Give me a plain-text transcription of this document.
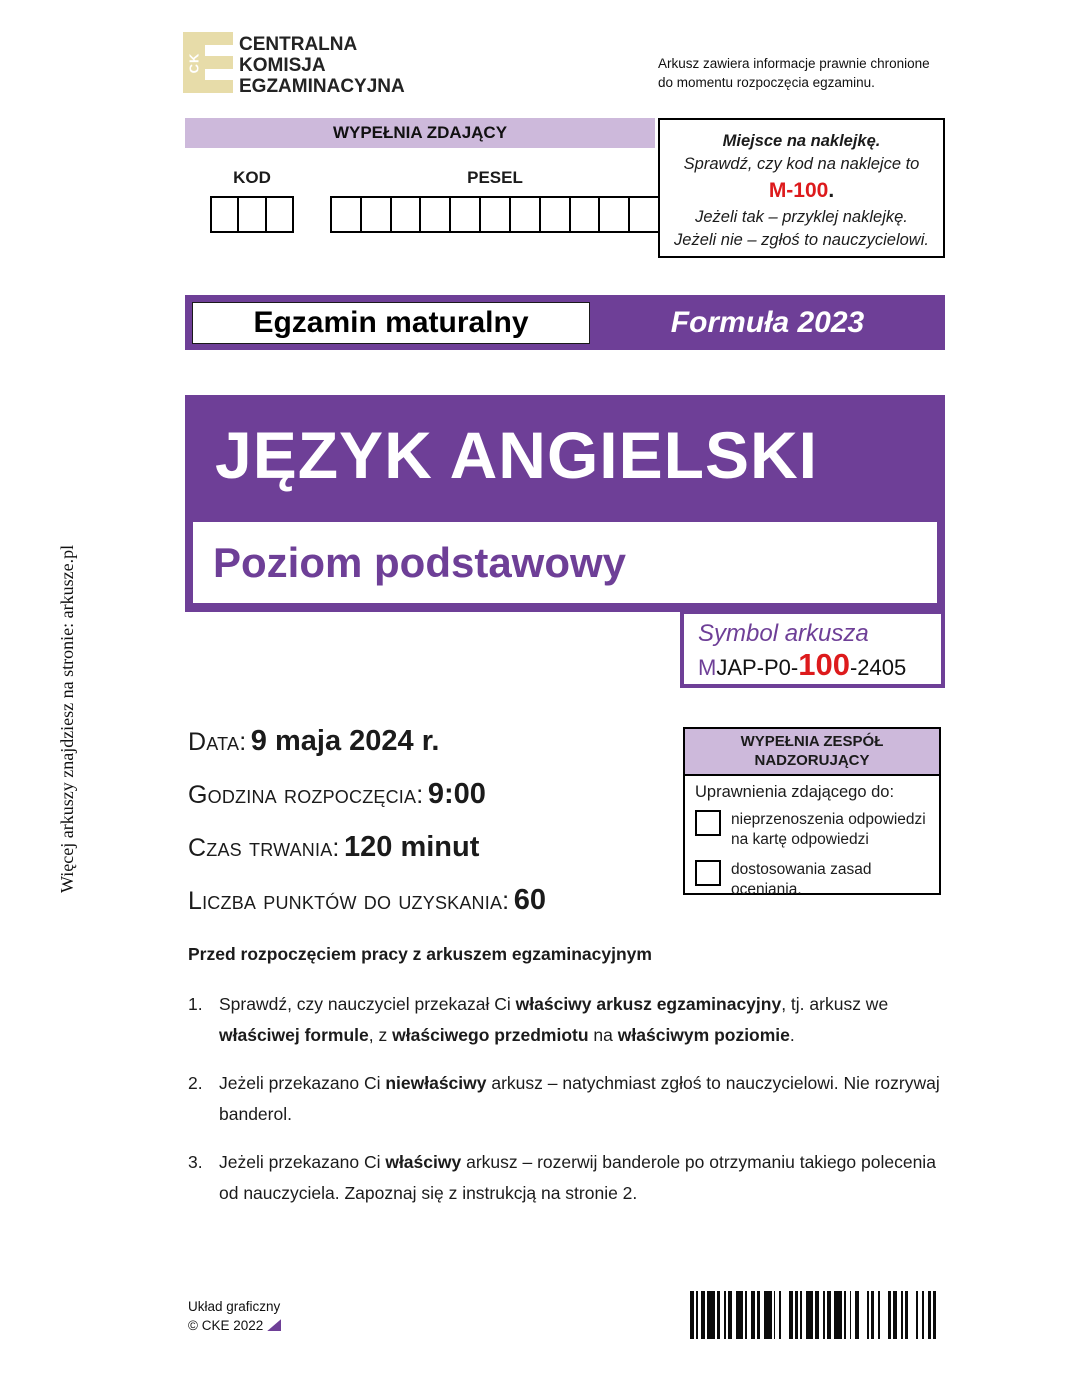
Więcej arkuszy znajdziesz na stronie: arkusze.pl
CK
CENTRALNA
KOMISJA
EGZAMINACYJNA
Arkusz zawiera informacje prawnie chronione
do momentu rozpoczęcia egzaminu.
WYPEŁNIA ZDAJĄCY
KOD	PESEL
Miejsce na naklejkę.
Sprawdź, czy kod na naklejce to
M-100.
Jeżeli tak – przyklej naklejkę.
Jeżeli nie – zgłoś to nauczycielowi.
Egzamin maturalny	Formuła 2023
JĘZYK ANGIELSKI
Poziom podstawowy
Symbol arkusza
MJAP-P0-100-2405
Data: 9 maja 2024 r.
Godzina rozpoczęcia: 9:00
Czas trwania: 120 minut
Liczba punktów do uzyskania: 60
WYPEŁNIA ZESPÓŁ
NADZORUJĄCY
Uprawnienia zdającego do:
nieprzenoszenia odpowiedzi na kartę odpowiedzi
dostosowania zasad oceniania.
Przed rozpoczęciem pracy z arkuszem egzaminacyjnym
1. Sprawdź, czy nauczyciel przekazał Ci właściwy arkusz egzaminacyjny, tj. arkusz we właściwej formule, z właściwego przedmiotu na właściwym poziomie.
2. Jeżeli przekazano Ci niewłaściwy arkusz – natychmiast zgłoś to nauczycielowi. Nie rozrywaj banderol.
3. Jeżeli przekazano Ci właściwy arkusz – rozerwij banderole po otrzymaniu takiego polecenia od nauczyciela. Zapoznaj się z instrukcją na stronie 2.
Układ graficzny
© CKE 2022
